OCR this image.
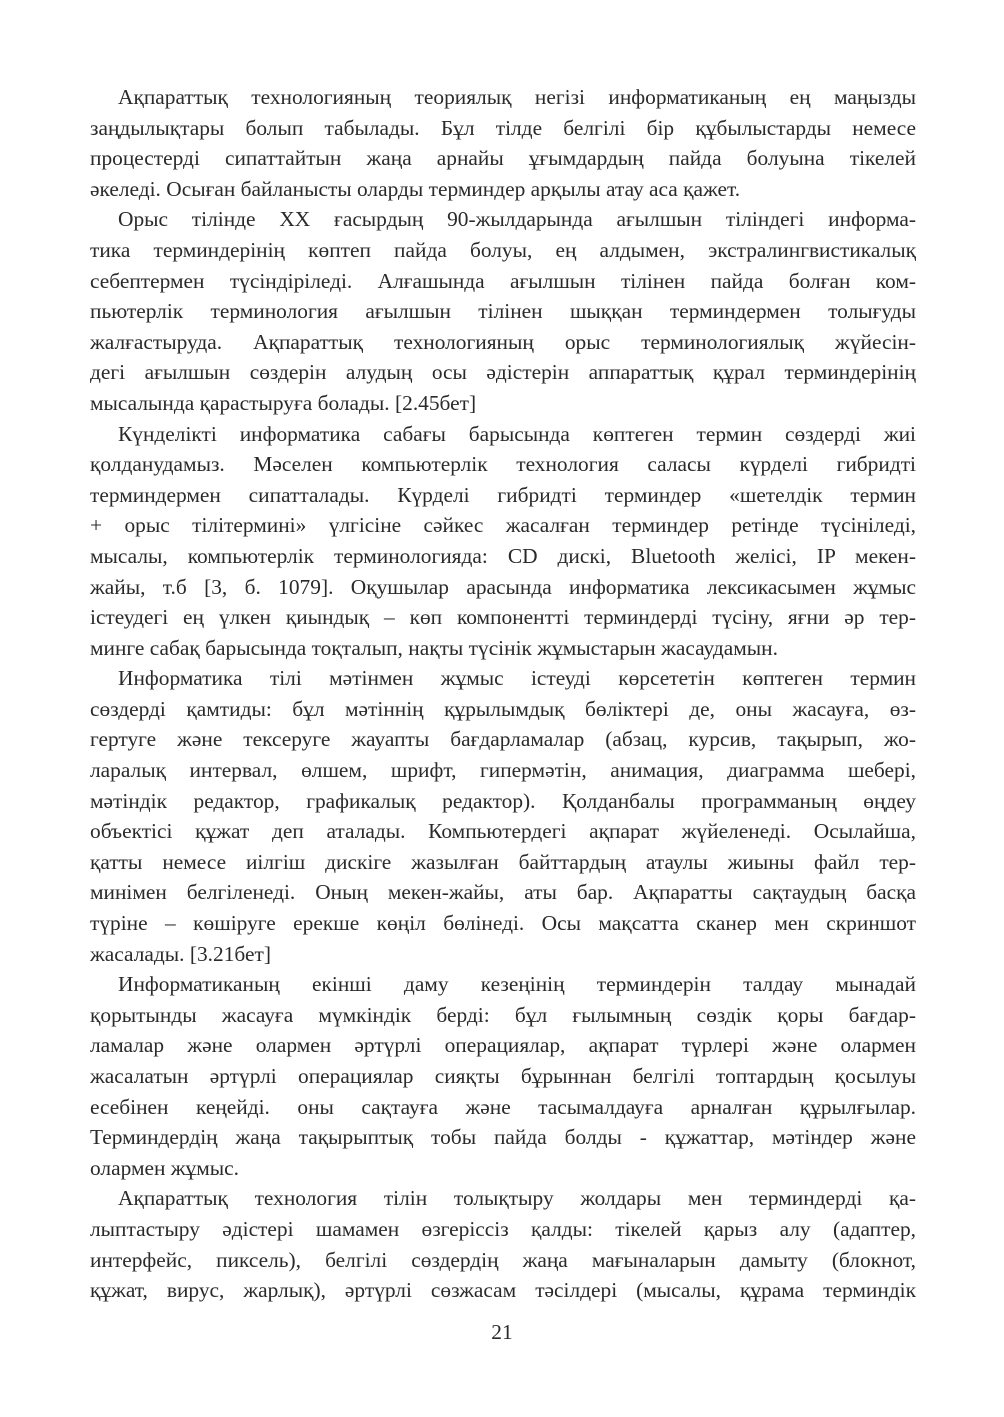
Ақпараттық технологияның теориялық негізі информатиканың ең маңызды
заңдылықтары болып табылады. Бұл тілде белгілі бір құбылыстарды немесе
процестерді сипаттайтын жаңа арнайы ұғымдардың пайда болуына тікелей
әкеледі. Осыған байланысты оларды терминдер арқылы атау аса қажет.
Орыс тілінде XX ғасырдың 90-жылдарында ағылшын тіліндегі информа-
тика терминдерінің көптеп пайда болуы, ең алдымен, экстралингвистикалық
себептермен түсіндіріледі. Алғашында ағылшын тілінен пайда болған ком-
пьютерлік терминология ағылшын тілінен шыққан терминдермен толығуды
жалғастыруда. Ақпараттық технологияның орыс терминологиялық жүйесін-
дегі ағылшын сөздерін алудың осы әдістерін аппараттық құрал терминдерінің
мысалында қарастыруға болады. [2.45бет]
Күнделікті информатика сабағы барысында көптеген термин сөздерді жиі
қолданудамыз. Мәселен компьютерлік технология саласы күрделі гибридті
терминдермен сипатталады. Күрделі гибридті терминдер «шетелдік термин
+ орыс тілітермині» үлгісіне сәйкес жасалған терминдер ретінде түсініледі,
мысалы, компьютерлік терминологияда: CD дискі, Bluetooth желісі, IP мекен-
жайы, т.б [3, б. 1079]. Оқушылар арасында информатика лексикасымен жұмыс
істеудегі ең үлкен қиындық – көп компонентті терминдерді түсіну, яғни әр тер-
минге сабақ барысында тоқталып, нақты түсінік жұмыстарын жасаудамын.
Информатика тілі мәтінмен жұмыс істеуді көрсететін көптеген термин
сөздерді қамтиды: бұл мәтіннің құрылымдық бөліктері де, оны жасауға, өз-
гертуге және тексеруге жауапты бағдарламалар (абзац, курсив, тақырып, жо-
ларалық интервал, өлшем, шрифт, гипермәтін, анимация, диаграмма шебері,
мәтіндік редактор, графикалық редактор). Қолданбалы программаның өңдеу
объектісі құжат деп аталады. Компьютердегі ақпарат жүйеленеді. Осылайша,
қатты немесе иілгіш дискіге жазылған байттардың атаулы жиыны файл тер-
минімен белгіленеді. Оның мекен-жайы, аты бар. Ақпаратты сақтаудың басқа
түріне – көшіруге ерекше көңіл бөлінеді. Осы мақсатта сканер мен скриншот
жасалады. [3.21бет]
Информатиканың екінші даму кезеңінің терминдерін талдау мынадай
қорытынды жасауға мүмкіндік берді: бұл ғылымның сөздік қоры бағдар-
ламалар және олармен әртүрлі операциялар, ақпарат түрлері және олармен
жасалатын әртүрлі операциялар сияқты бұрыннан белгілі топтардың қосылуы
есебінен кеңейді. оны сақтауға және тасымалдауға арналған құрылғылар.
Терминдердің жаңа тақырыптық тобы пайда болды - құжаттар, мәтіндер және
олармен жұмыс.
Ақпараттық технология тілін толықтыру жолдары мен терминдерді қа-
лыптастыру әдістері шамамен өзгеріссіз қалды: тікелей қарыз алу (адаптер,
интерфейс, пиксель), белгілі сөздердің жаңа мағыналарын дамыту (блокнот,
құжат, вирус, жарлық), әртүрлі сөзжасам тәсілдері (мысалы, құрама терминдік
21
